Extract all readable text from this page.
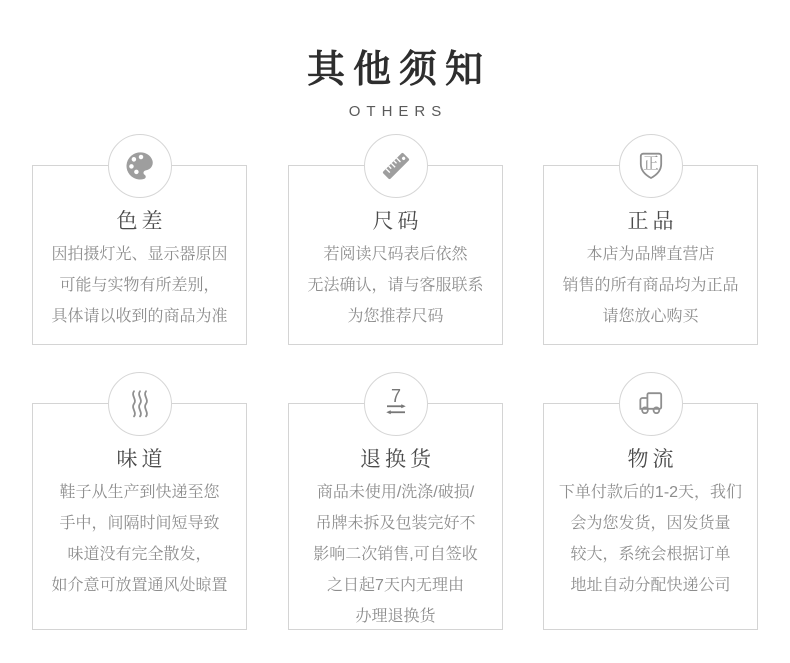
其他须知
OTHERS
色差
因拍摄灯光、显示器原因
可能与实物有所差别，
具体请以收到的商品为准
尺码
若阅读尺码表后依然
无法确认，请与客服联系
为您推荐尺码
正
正品
本店为品牌直营店
销售的所有商品均为正品
请您放心购买
味道
鞋子从生产到快递至您
手中，间隔时间短导致
味道没有完全散发，
如介意可放置通风处晾置
7
退换货
商品未使用/洗涤/破损/
吊牌未拆及包装完好不
影响二次销售,可自签收
之日起7天内无理由
办理退换货
物流
下单付款后的1-2天，我们
会为您发货，因发货量
较大，系统会根据订单
地址自动分配快递公司
